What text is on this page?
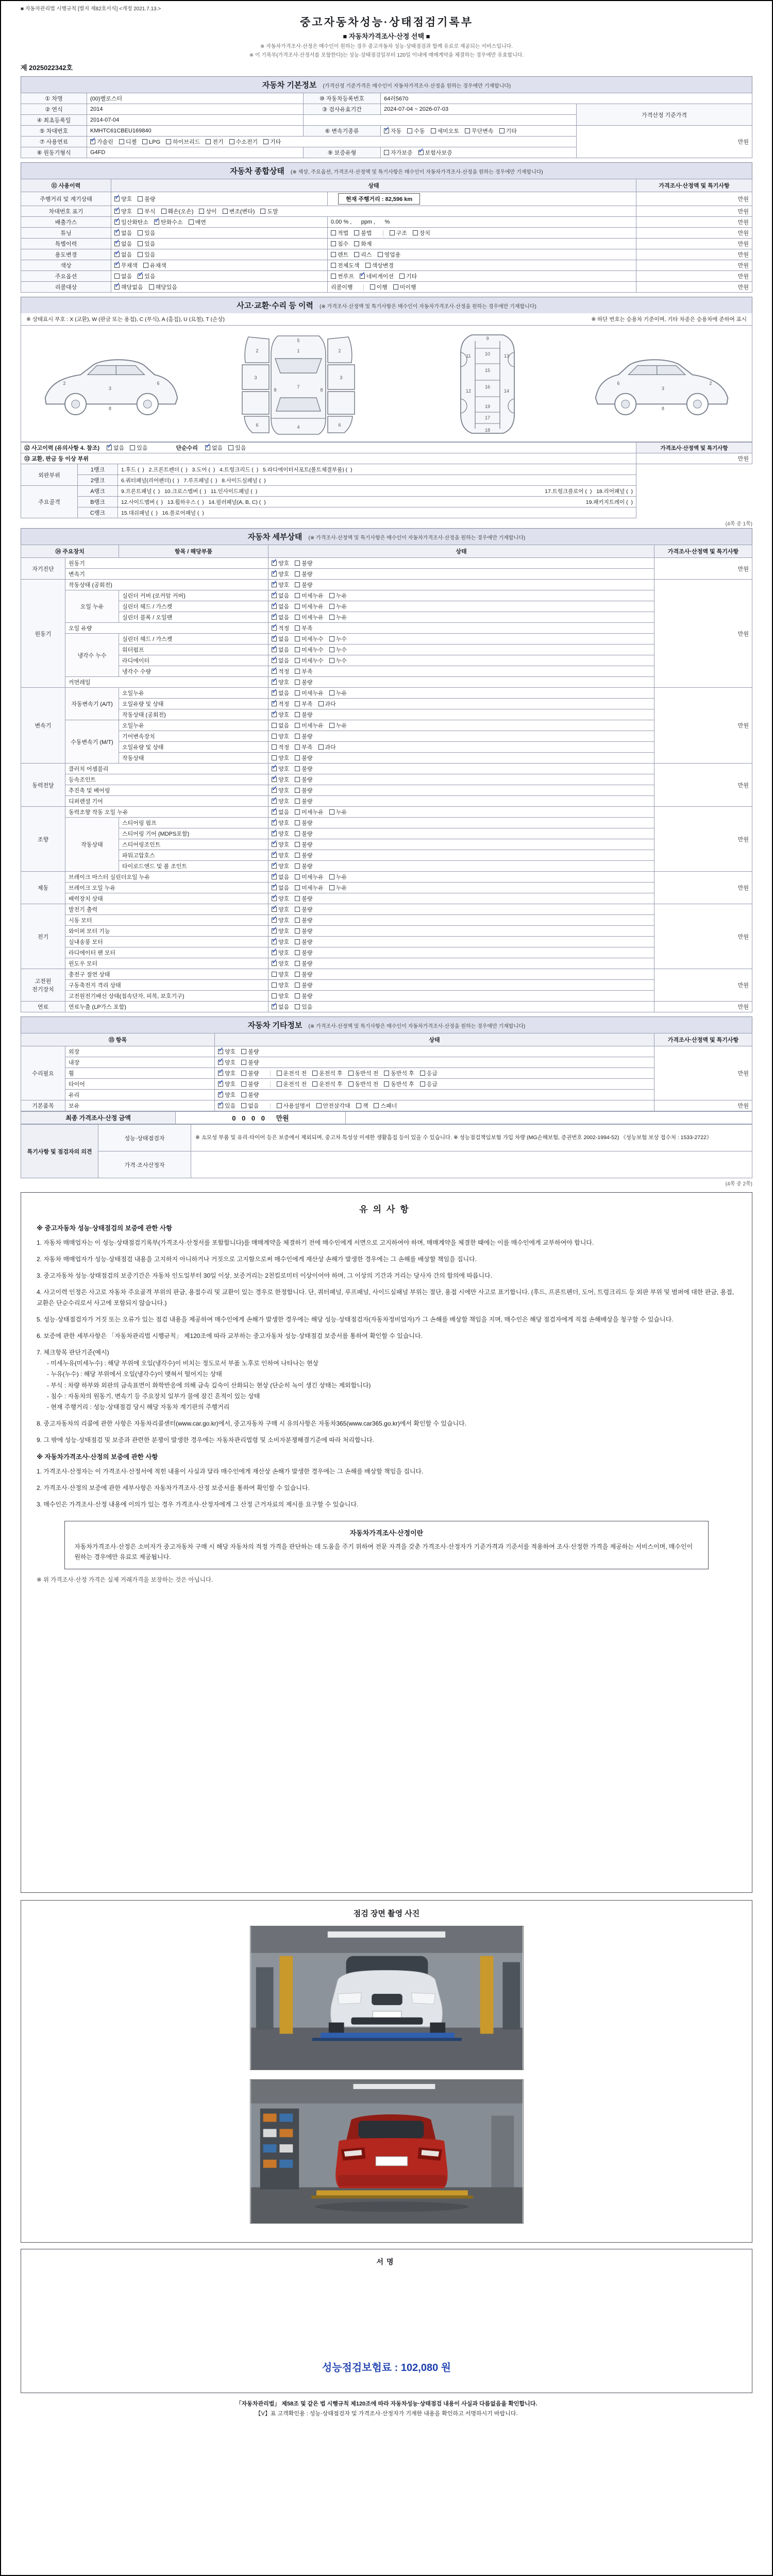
■ 자동차관리법 시행규칙 [별지 제82호서식] <개정 2021.7.13.>
중고자동차성능·상태점검기록부
■ 자동차가격조사·산정 선택 ■
※ 자동차가격조사·산정은 매수인이 원하는 경우 중고자동차 성능·상태점검과 함께 유료로 제공되는 서비스입니다.
※ 이 기록부(가격조사·산정서를 포함한다)는 성능·상태점검일부터 120일 이내에 매매계약을 체결하는 경우에만 유효합니다.
제 2025022342호
자동차 기본정보 (가격산정 기준가격은 매수인이 자동차가격조사·산정을 원하는 경우에만 기재합니다)
① 차명	(00)벨로스터	⑩ 자동차등록번호	64러5670	
② 연식	2014	③ 검사유효기간	2024-07-04 ~ 2026-07-03	가격산정 기준가격
④ 최초등록일	2014-07-04			
⑤ 차대번호	KMHTC61CBEU169840	⑥ 변속기종류	✓자동 수동 세미오토 무단변속 기타	만원
⑦ 사용연료	✓가솔린 디젤 LPG 하이브리드 전기 수소전기 기타
⑧ 원동기형식	G4FD	⑨ 보증유형	자가보증 ✓ 보험사보증
자동차 종합상태 (※ 색상, 주요옵션, 가격조사·산정액 및 특기사항은 매수인이 자동차가격조사·산정을 원하는 경우에만 기재합니다)
⑪ 사용이력	상태		가격조사·산정액 및 특기사항
주행거리 및 계기상태	✓양호 불량	현재 주행거리 : 82,596 km	만원
차대번호 표기	✓양호 부식 훼손(오손) 상이 변조(변타) 도말		만원
배출가스	✓일산화탄소 ✓ 탄화수소 매연	0.00 % ,      ppm ,      %	만원
튜닝	✓없음 있음	적법 불법 구조 장치	만원
특별이력	✓없음 있음	침수 화재	만원
용도변경	✓없음 있음	렌트 리스 영업용	만원
색상	✓무채색 유채색	전체도색 색상변경	만원
주요옵션	없음 ✓ 있음	썬루프 ✓ 네비게이션 기타	만원
리콜대상	✓해당없음 해당있음	리콜이행 이행 미이행	만원
사고·교환·수리 등 이력 (※ 가격조사·산정액 및 특기사항은 매수인이 자동차가격조사·산정을 원하는 경우에만 기재합니다)
※ 상태표시 부호 : X (교환), W (판금 또는 용접), C (부식), A (흠집), U (요철), T (손상)	※ 하단 번호는 승용차 기준이며, 기타 차종은 승용차에 준하여 표시
3
2	6
8
5
1
7
4
2	2
3	3
6	6
8	8
9
10
11	13
15
16
12	14
19
17
18
3
6	2
8
⑫ 사고이력 (유의사항 4. 참조) ✓ 없음 있음 단순수리 ✓ 없음 있음			가격조사·산정액 및 특기사항
⑬ 교환, 판금 등 이상 부위			만원
외판부위	1랭크	1.후드 (  )   2.프론트펜더 (  )   3.도어 (  )   4.트렁크리드 (  )   5.라디에이터서포트(볼트체결부품) (  )	
	2랭크	6.쿼터패널(리어펜더) (  )   7.루프패널 (  )   8.사이드실패널 (  )	
주요골격	A랭크	9.프론트패널 (  )   10.크로스멤버 (  )   11.인사이드패널 (  ) 17.트렁크플로어 (  )   18.리어패널 (  )	

	B랭크	12.사이드멤버 (  )   13.휠하우스 (  )   14.필러패널(A, B, C) (  ) 19.패키지트레이 (  )	

	C랭크	15.대쉬패널 (  )   16.플로어패널 (  )	
(4쪽 중 1쪽)
자동차 세부상태 (※ 가격조사·산정액 및 특기사항은 매수인이 자동차가격조사·산정을 원하는 경우에만 기재합니다)
⑭ 주요장치		항목 / 해당부품	상태	가격조사·산정액 및 특기사항
자기진단	원동기	✓양호 불량	만원
	변속기	✓양호 불량
원동기	작동상태 (공회전)	✓양호 불량	만원
	오일 누유	실린더 커버 (로커암 커버)	✓없음 미세누유 누유
		실린더 헤드 / 가스켓	✓없음 미세누유 누유
		실린더 블록 / 오일팬	✓없음 미세누유 누유
	오일 유량	✓적정 부족
	냉각수 누수	실린더 헤드 / 가스켓	✓없음 미세누수 누수
		워터펌프	✓없음 미세누수 누수
		라디에이터	✓없음 미세누수 누수
		냉각수 수량	✓적정 부족
	커먼레일	✓양호 불량
변속기	자동변속기 (A/T)	오일누유	✓없음 미세누유 누유	만원
		오일유량 및 상태	✓적정 부족 과다
		작동상태 (공회전)	✓양호 불량
	수동변속기 (M/T)	오일누유	없음 미세누유 누유	
		기어변속장치	양호 불량	
		오일유량 및 상태	적정 부족 과다	
		작동상태	양호 불량	
동력전달	클러치 어셈블리	✓양호 불량	만원
	등속조인트	✓양호 불량
	추진축 및 베어링	✓양호 불량
	디퍼렌셜 기어	✓양호 불량
조향	동력조향 작동 오일 누유	✓없음 미세누유 누유	만원
	작동상태	스티어링 펌프	✓양호 불량
		스티어링 기어 (MDPS포함)	✓양호 불량
		스티어링조인트	✓양호 불량
		파워고압호스	✓양호 불량
		타이로드엔드 및 볼 조인트	✓양호 불량
제동	브레이크 마스터 실린더오일 누유	✓없음 미세누유 누유	만원
	브레이크 오일 누유	✓없음 미세누유 누유
	배력장치 상태	✓양호 불량
전기	발전기 출력	✓양호 불량	만원
	시동 모터	✓양호 불량
	와이퍼 모터 기능	✓양호 불량
	실내송풍 모터	✓양호 불량
	라디에이터 팬 모터	✓양호 불량
	윈도우 모터	✓양호 불량
고전원 전기장치	충전구 절연 상태		양호 불량	만원
	구동축전지 격리 상태		양호 불량	
	고전원전기배선 상태(접속단자, 피복, 보호기구)		양호 불량	
연료	연료누출 (LP가스 포함)	✓없음 있음	만원
자동차 기타정보 (※ 가격조사·산정액 및 특기사항은 매수인이 자동차가격조사·산정을 원하는 경우에만 기재합니다)
⑮ 항목		상태	가격조사·산정액 및 특기사항
수리필요	외장	✓양호 불량	만원
	내장	✓양호 불량
	휠	✓양호 불량 운전석 전 운전석 후 동반석 전 동반석 후 응급
	타이어	✓양호 불량 운전석 전 운전석 후 동반석 전 동반석 후 응급
	유리	✓양호 불량
기본품목	보유	✓있음 없음 사용설명서 안전삼각대 잭 스패너	만원
최종 가격조사·산정 금액	0 0 0 0 만원	
특기사항 및 점검자의 의견	성능·상태점검자	※ 소모성 부품 및 유리·타이어 등은 보증에서 제외되며, 중고차 특성상 미세한 생활흠집 등이 있을 수 있습니다. ※ 성능점검책임보험 가입 차량 (MG손해보험, 증권번호 2002-1994-52) 《성능보험 보상 접수처 : 1533-2722》
	가격·조사산정자	
(4쪽 중 2쪽)
유의사항
※ 중고자동차 성능·상태점검의 보증에 관한 사항
1. 자동차 매매업자는 이 성능·상태점검기록부(가격조사·산정서를 포함합니다)를 매매계약을 체결하기 전에 매수인에게 서면으로 고지하여야 하며, 매매계약을 체결한 때에는 이를 매수인에게 교부하여야 합니다.
2. 자동차 매매업자가 성능·상태점검 내용을 고지하지 아니하거나 거짓으로 고지함으로써 매수인에게 재산상 손해가 발생한 경우에는 그 손해를 배상할 책임을 집니다.
3. 중고자동차 성능·상태점검의 보증기간은 자동차 인도일부터 30일 이상, 보증거리는 2천킬로미터 이상이어야 하며, 그 이상의 기간과 거리는 당사자 간의 합의에 따릅니다.
4. 사고이력 인정은 사고로 자동차 주요골격 부위의 판금, 용접수리 및 교환이 있는 경우로 한정합니다. 단, 쿼터패널, 루프패널, 사이드실패널 부위는 절단, 용접 시에만 사고로 표기합니다. (후드, 프론트펜더, 도어, 트렁크리드 등 외판 부위 및 범퍼에 대한 판금, 용접, 교환은 단순수리로서 사고에 포함되지 않습니다.)
5. 성능·상태점검자가 거짓 또는 오류가 있는 점검 내용을 제공하여 매수인에게 손해가 발생한 경우에는 해당 성능·상태점검자(자동차정비업자)가 그 손해를 배상할 책임을 지며, 매수인은 해당 점검자에게 직접 손해배상을 청구할 수 있습니다.
6. 보증에 관한 세부사항은 「자동차관리법 시행규칙」 제120조에 따라 교부하는 중고자동차 성능·상태점검 보증서를 통하여 확인할 수 있습니다.
7. 체크항목 판단기준(예시)
- 미세누유(미세누수) : 해당 부위에 오일(냉각수)이 비치는 정도로서 부품 노후로 인하여 나타나는 현상
- 누유(누수) : 해당 부위에서 오일(냉각수)이 맺혀서 떨어지는 상태
- 부식 : 차량 하부와 외판의 금속표면이 화학반응에 의해 금속 깊숙이 산화되는 현상 (단순히 녹이 생긴 상태는 제외합니다)
- 침수 : 자동차의 원동기, 변속기 등 주요장치 일부가 물에 잠긴 흔적이 있는 상태
- 현재 주행거리 : 성능·상태점검 당시 해당 자동차 계기판의 주행거리
8. 중고자동차의 리콜에 관한 사항은 자동차리콜센터(www.car.go.kr)에서, 중고자동차 구매 시 유의사항은 자동차365(www.car365.go.kr)에서 확인할 수 있습니다.
9. 그 밖에 성능·상태점검 및 보증과 관련한 분쟁이 발생한 경우에는 자동차관리법령 및 소비자분쟁해결기준에 따라 처리합니다.
※ 자동차가격조사·산정의 보증에 관한 사항
1. 가격조사·산정자는 이 가격조사·산정서에 적힌 내용이 사실과 달라 매수인에게 재산상 손해가 발생한 경우에는 그 손해를 배상할 책임을 집니다.
2. 가격조사·산정의 보증에 관한 세부사항은 자동차가격조사·산정 보증서를 통하여 확인할 수 있습니다.
3. 매수인은 가격조사·산정 내용에 이의가 있는 경우 가격조사·산정자에게 그 산정 근거자료의 제시를 요구할 수 있습니다.
자동차가격조사·산정이란
자동차가격조사·산정은 소비자가 중고자동차 구매 시 해당 자동차의 적정 가격을 판단하는 데 도움을 주기 위하여 전문 자격을 갖춘 가격조사·산정자가 기준가격과 기준서를 적용하여 조사·산정한 가격을 제공하는 서비스이며, 매수인이 원하는 경우에만 유료로 제공됩니다.
※ 위 가격조사·산정 가격은 실제 거래가격을 보장하는 것은 아닙니다.
점검 장면 촬영 사진
서명
성능점검보험료 : 102,080 원
「자동차관리법」 제58조 및 같은 법 시행규칙 제120조에 따라 자동차성능·상태점검 내용이 사실과 다름없음을 확인합니다.
【V】표 고객확인용 : 성능·상태점검자 및 가격조사·산정자가 기재한 내용을 확인하고 서명하시기 바랍니다.
